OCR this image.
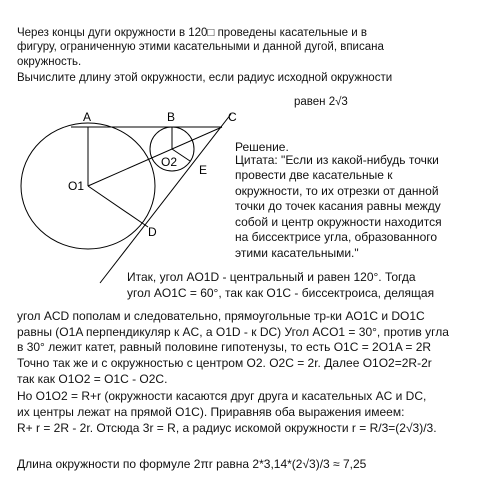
Через концы дуги окружности в 120□ проведены касательные и в
фигуру, ограниченную этими касательными и данной дугой, вписана
окружность.
Вычислите длину этой окружности, если радиус исходной окружности
равен 2√3
A	B	C
O1
O2
E
D
Решение.
Цитата: "Если из какой-нибудь точки
провести две касательные к
окружности, то их отрезки от данной
точки до точек касания равны между
собой и центр окружности находится
на биссектрисе угла, образованного
этими касательными."
Итак, угол AO1D - центральный и равен 120°. Тогда
угол AO1C = 60°, так как O1C - биссектроиса, делящая
угол ACD пополам и следовательно, прямоугольные тр-ки AO1C и DO1C
равны (O1A перпендикуляр к AC, а O1D - к DC) Угол ACO1 = 30°, против угла
в 30° лежит катет, равный половине гипотенузы, то есть O1C = 2O1A = 2R
Точно так же и с окружностью с центром O2. O2C = 2r. Далее O1O2=2R-2r
так как O1O2 = O1C - O2C.
Но O1O2 = R+r (окружности касаются друг друга и касательных AC и DC,
их центры лежат на прямой O1C). Приравняв оба выражения имеем:
R+ r = 2R - 2r. Отсюда 3r = R, а радиус искомой окружности r = R/3=(2√3)/3.
Длина окружности по формуле 2πr равна 2*3,14*(2√3)/3 ≈ 7,25
